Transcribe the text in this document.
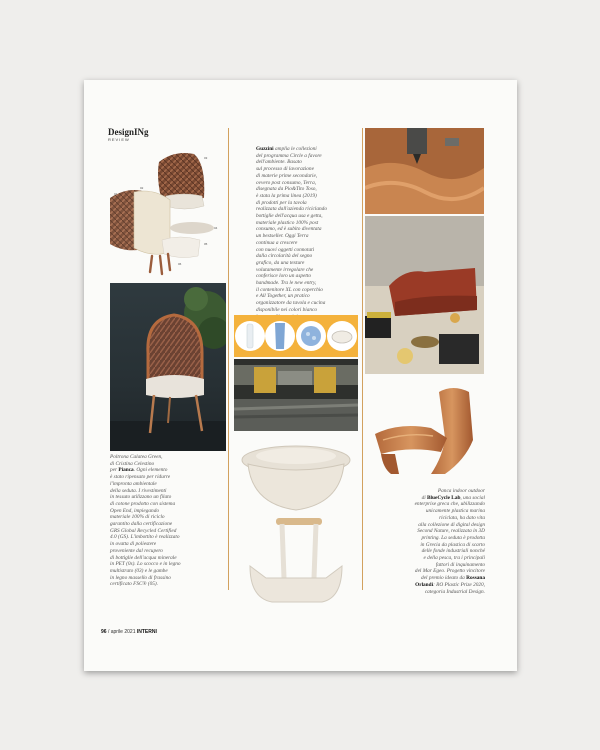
DesignINg
REVIEW
01
02
03
04
05
06
Poltrona Calatea Green,
di Cristina Celestino
per Pianca. Ogni elemento
è stato ripensato per ridurre
l'impronta ambientale
della seduta. I rivestimenti
in tessuto utilizzano un filato
di cotone prodotto con sistema
Open End, impiegando
materiale 100% di riciclo
garantito dalla certificazione
GRS Global Recycled Certified
4.0 (GS). L'imbottito è realizzato
in ovatta di poliestere
proveniente dal recupero
di bottiglie dell'acqua minerale
in PET (0s). Lo scocco e in legno
multistrato (03) e le gambe
in legno massello di frassino
certificato FSC® (05).
Guzzini amplia le collezioni
del programma Circle a favore
dell'ambiente. Basato
sul processo di lavorazione
di materie prime secondarie,
ovvero post consumo, Terra,
disegnata da Pio&Tito Toso,
è stata la prima linea (2019)
di prodotti per la tavola
realizzata dall'azienda riciclando
bottiglie dell'acqua usa e getta,
materiale plastico 100% post
consumo, ed è subito diventata
un bestseller. Oggi Terra
continua a crescere
con nuovi oggetti connotati
dalla circolarità del segno
grafico, da una texture
volutamente irregolare che
conferisce loro un aspetto
handmade. Tra le new entry,
il contenitore XL con coperchio
e All Together, un pratico
organizzatore da tavola e cucina
disponibile nei colori bianco
Panca indoor outdoor
di BlueCycle Lab, una social
enterprise greca che, ubilizzando
unicamente plastica marina
riciclata, ha dato vita
alla collezione di digital design
Second Nature, realizzata in 3D
printing. La seduta è prodotta
in Grecia da plastica di scarto
delle fonde industriali nonché
e della pesca, tra i principali
fattori di inquinamento
del Mar Egeo. Progetto vincitore
del premio ideato da Rossana
Orlandi: RO Plastic Prize 2020,
categoria Industrial Design.
96 / aprile 2021 INTERNI
